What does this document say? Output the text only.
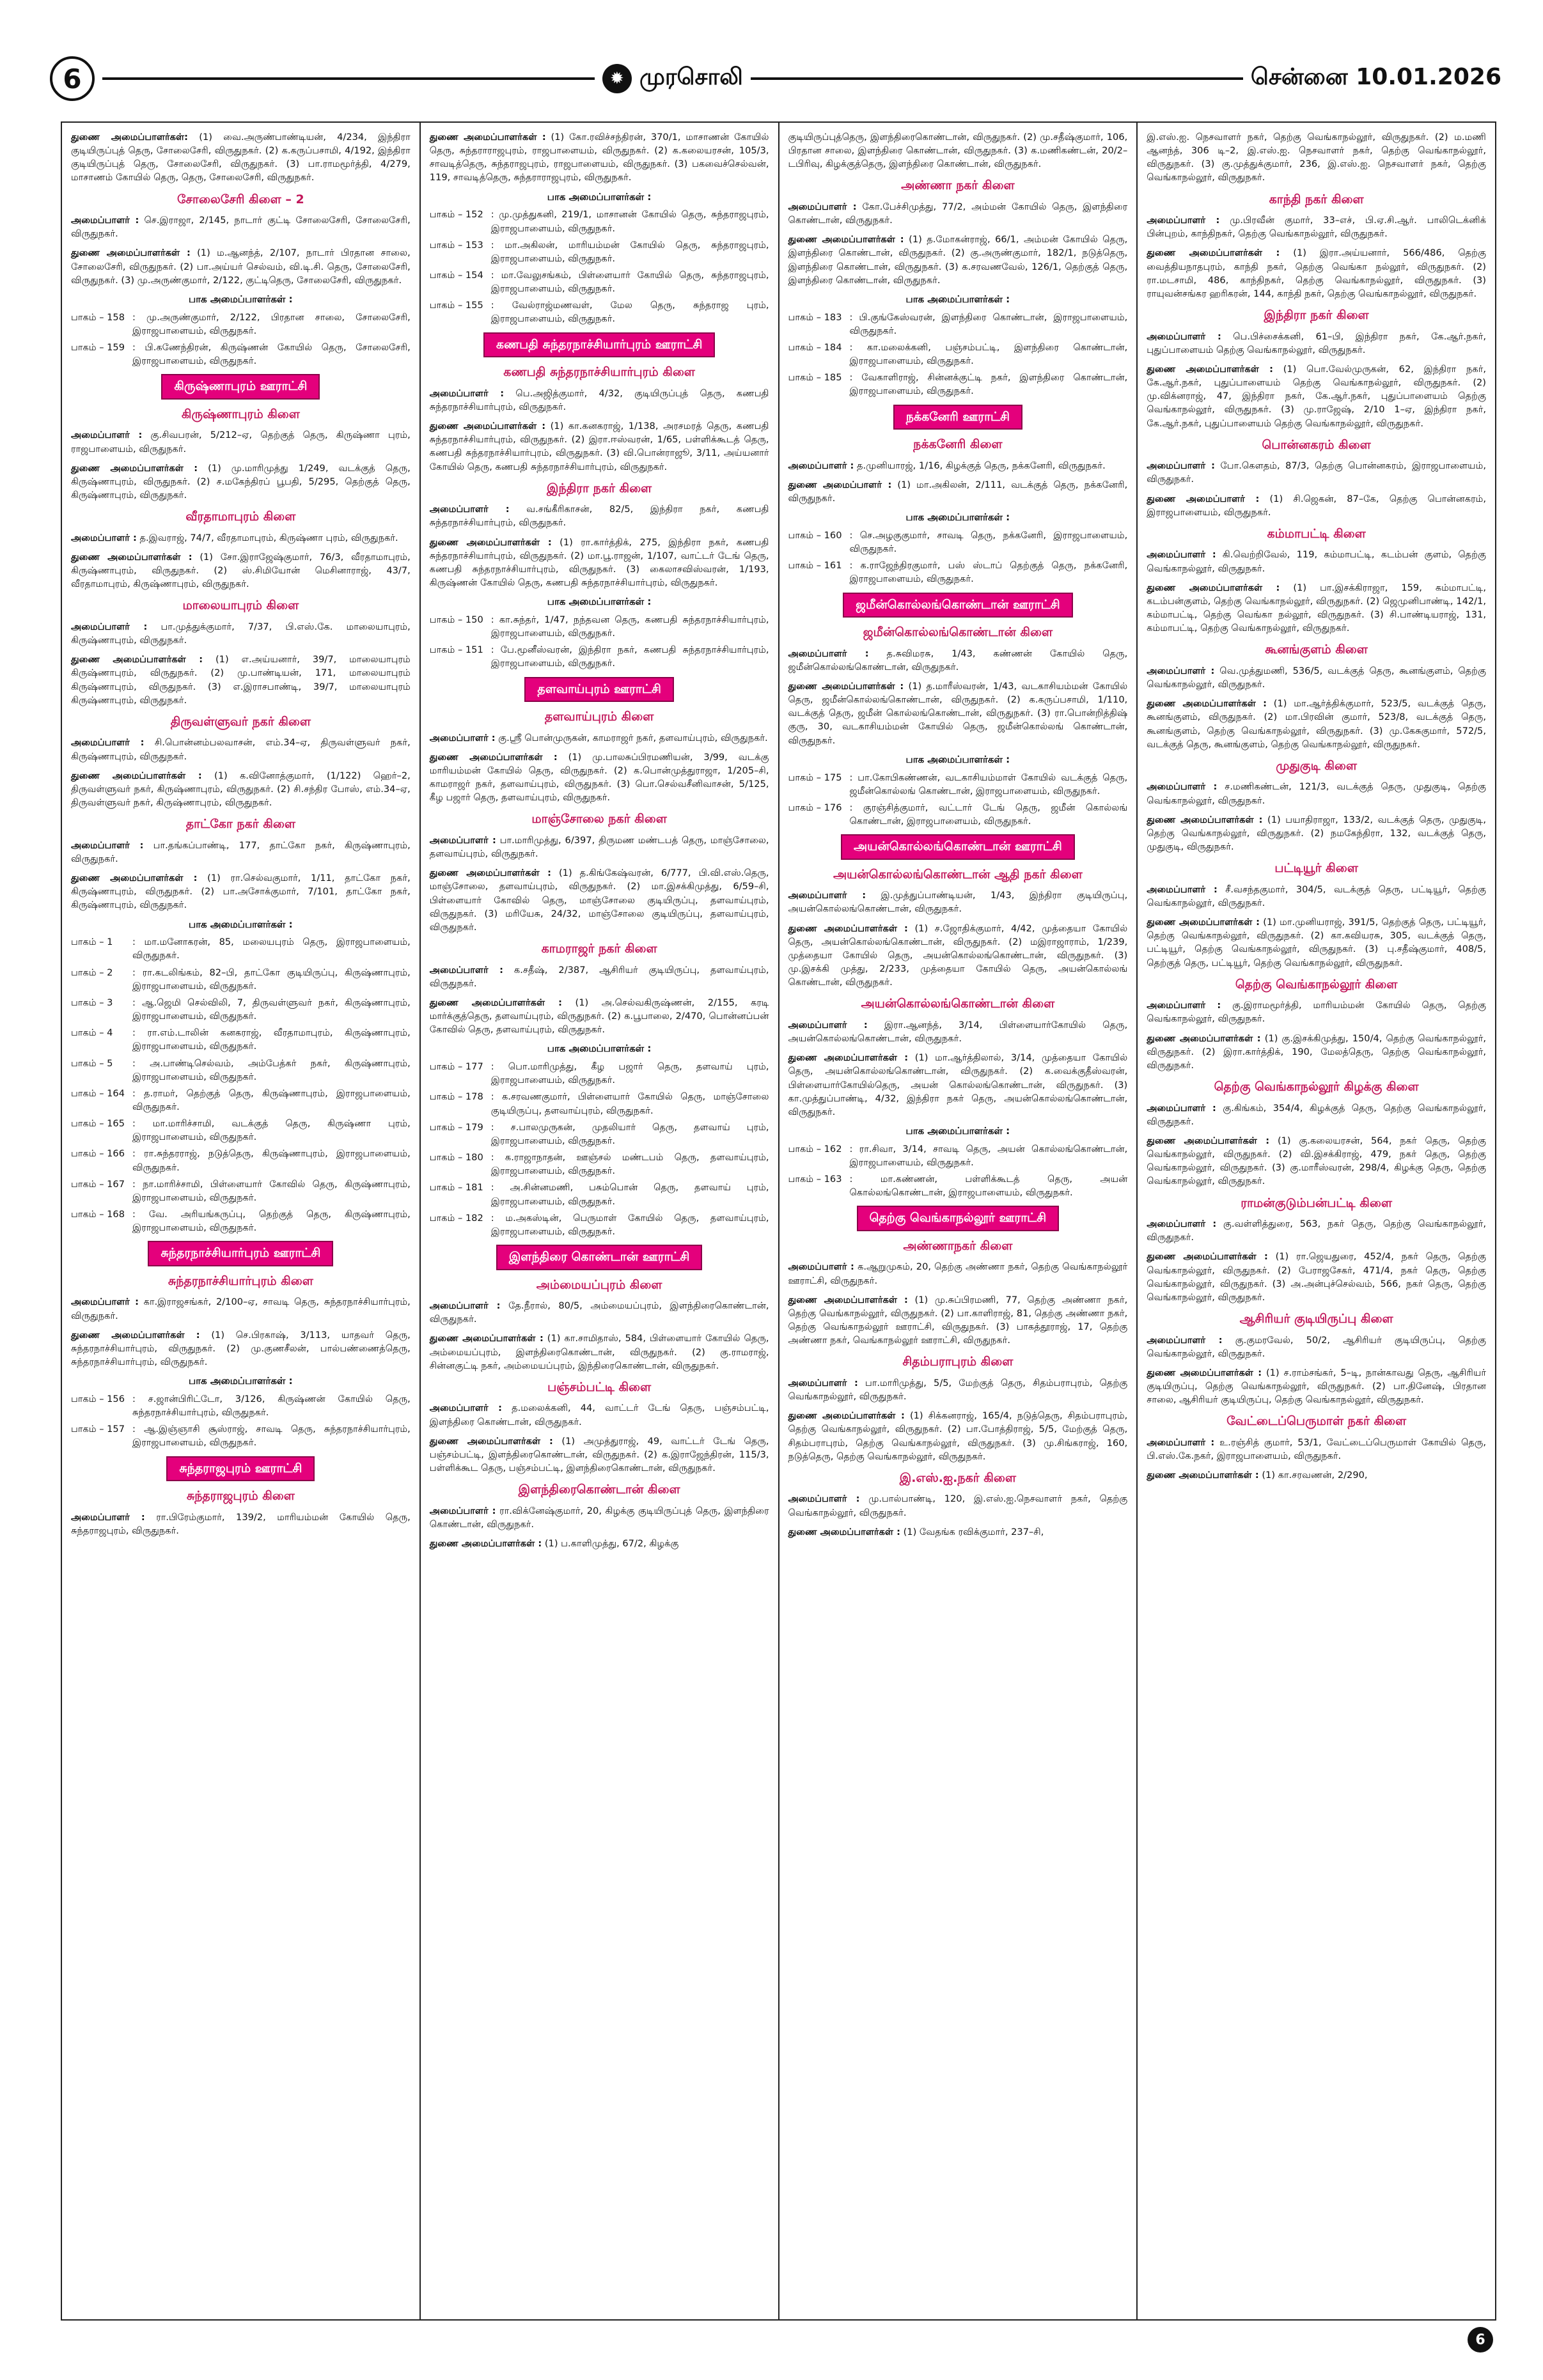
6	✹ முரசொலி	சென்னை 10.01.2026

துணை அமைப்பாளர்கள்: (1) வை.அருண்பாண்டியன், 4/234, இந்திரா குடியிருப்புத் தெரு, சோலைசேரி, விருதுநகர். (2) க.கருப்பசாமி, 4/192, இந்திரா குடியிருப்புத் தெரு, சோலைசேரி, விருதுநகர். (3) பா.ராமமூர்த்தி, 4/279, மாசாணம் கோயில் தெரு, தெரு, சோலைசேரி, விருதுநகர்.

சோலைசேரி கிளை – 2

அமைப்பாளர் : செ.இராஜா, 2/145, நாடார் குட்டி சோலைசேரி, சோலைசேரி, விருதுநகர்.

துணை அமைப்பாளர்கள் : (1) ம.ஆனந்த், 2/107, நாடார் பிரதான சாலை, சோலைசேரி, விருதுநகர். (2) பா.அய்யர் செல்வம், வி.டி.சி. தெரு, சோலைசேரி, விருதுநகர். (3) மு.அருண்குமார், 2/122, குட்டிதெரு, சோலைசேரி, விருதுநகர்.

பாக அமைப்பாளர்கள் :
பாகம் – 158 : மு.அருண்குமார், 2/122, பிரதான சாலை, சோலைசேரி, இராஜபாளையம், விருதுநகர்.
பாகம் – 159 : பி.கணேந்திரன், கிருஷ்ணன் கோயில் தெரு, சோலைசேரி, இராஜபாளையம், விருதுநகர்.
கிருஷ்ணாபுரம் ஊராட்சி
கிருஷ்ணாபுரம் கிளை

அமைப்பாளர் : கு.சிவபரன், 5/212–ஏ, தெற்குத் தெரு, கிருஷ்ணா புரம், ராஜபாளையம், விருதுநகர்.

துணை அமைப்பாளர்கள் : (1) மு.மாரிமுத்து 1/249, வடக்குத் தெரு, கிருஷ்ணாபுரம், விருதுநகர். (2) ச.மகேந்திரப் பூபதி, 5/295, தெற்குத் தெரு, கிருஷ்ணாபுரம், விருதுநகர்.

வீரதாமாபுரம் கிளை

அமைப்பாளர் : த.இவராஜ், 74/7, வீரதாமாபுரம், கிருஷ்ணா புரம், விருதுநகர்.

துணை அமைப்பாளர்கள் : (1) சோ.இராஜேஷ்குமார், 76/3, வீரதாமாபுரம், கிருஷ்ணாபுரம், விருதுநகர். (2) ஸ்.சிமியோன் மெசினாராஜ், 43/7, வீரதாமாபுரம், கிருஷ்ணாபுரம், விருதுநகர்.

மாலையாபுரம் கிளை

அமைப்பாளர் : பா.முத்துக்குமார், 7/37, பி.எஸ்.கே. மாலையாபுரம், கிருஷ்ணாபுரம், விருதுநகர்.

துணை அமைப்பாளர்கள் : (1) எ.அய்யனார், 39/7, மாலையாபுரம் கிருஷ்ணாபுரம், விருதுநகர். (2) மு.பாண்டியன், 171, மாலையாபுரம் கிருஷ்ணாபுரம், விருதுநகர். (3) எ.இராசபாண்டி, 39/7, மாலையாபுரம் கிருஷ்ணாபுரம், விருதுநகர்.

திருவள்ளுவர் நகர் கிளை

அமைப்பாளர் : சி.பொன்னம்பலவாசன், எம்.34–ஏ, திருவள்ளுவர் நகர், கிருஷ்ணாபுரம், விருதுநகர்.

துணை அமைப்பாளர்கள் : (1) க.வினோத்குமார், (1/122) ஹெர்–2, திருவள்ளுவர் நகர், கிருஷ்ணாபுரம், விருதுநகர். (2) சி.சந்திர போஸ், எம்.34–ஏ, திருவள்ளுவர் நகர், கிருஷ்ணாபுரம், விருதுநகர்.

தாட்கோ நகர் கிளை

அமைப்பாளர் : பா.தங்கப்பாண்டி, 177, தாட்கோ நகர், கிருஷ்ணாபுரம், விருதுநகர்.

துணை அமைப்பாளர்கள் : (1) ரா.செல்வகுமார், 1/11, தாட்கோ நகர், கிருஷ்ணாபுரம், விருதுநகர். (2) பா.அசோக்குமார், 7/101, தாட்கோ நகர், கிருஷ்ணாபுரம், விருதுநகர்.

பாக அமைப்பாளர்கள் :
பாகம் – 1	: மா.மனோகரன், 85, மலையபுரம் தெரு, இராஜபாளையம், விருதுநகர்.
பாகம் – 2	: ரா.கடலிங்கம், 82–பி, தாட்கோ குடியிருப்பு, கிருஷ்ணாபுரம், இராஜபாளையம், விருதுநகர்.
பாகம் – 3	: ஆ.ஜெமி செல்விலி, 7, திருவள்ளுவர் நகர், கிருஷ்ணாபுரம், இராஜபாளையம், விருதுநகர்.
பாகம் – 4	: ரா.எம்.டாலின் கனகராஜ், வீரதாமாபுரம், கிருஷ்ணாபுரம், இராஜபாளையம், விருதுநகர்.
பாகம் – 5	: அ.பாண்டிசெல்வம், அம்பேத்கர் நகர், கிருஷ்ணாபுரம், இராஜபாளையம், விருதுநகர்.
பாகம் – 164 : த.ராமர், தெற்குத் தெரு, கிருஷ்ணாபுரம், இராஜபாளையம், விருதுநகர்.
பாகம் – 165 : மா.மாரிச்சாமி, வடக்குத் தெரு, கிருஷ்ணா புரம், இராஜபாளையம், விருதுநகர்.
பாகம் – 166 : ரா.சுந்தரராஜ், நடுத்தெரு, கிருஷ்ணாபுரம், இராஜபாளையம், விருதுநகர்.
பாகம் – 167 : நா.மாரிச்சாமி, பிள்ளையார் கோவில் தெரு, கிருஷ்ணாபுரம், இராஜபாளையம், விருதுநகர்.
பாகம் – 168 : வே. அரியங்கருப்பு, தெற்குத் தெரு, கிருஷ்ணாபுரம், இராஜபாளையம், விருதுநகர்.
சுந்தரநாச்சியார்புரம் ஊராட்சி
சுந்தரநாச்சியார்புரம் கிளை

அமைப்பாளர் : கா.இராஜசங்கர், 2/100–ஏ, சாவடி தெரு, சுந்தரநாச்சியார்புரம், விருதுநகர்.

துணை அமைப்பாளர்கள் : (1) செ.பிரகாஷ், 3/113, யாதவர் தெரு, சுந்தரநாச்சியார்புரம், விருதுநகர். (2) மு.குணசீலன், பால்பண்ணைத்தெரு, சுந்தரநாச்சியார்புரம், விருதுநகர்.

பாக அமைப்பாளர்கள் :
பாகம் – 156 : ச.ஜான்பிரிட்டோ, 3/126, கிருஷ்ணன் கோயில் தெரு, சுந்தரநாச்சியார்புரம், விருதுநகர்.
பாகம் – 157 : ஆ.இஞ்ஞாசி சூஸ்ராஜ், சாவடி தெரு, சுந்தரநாச்சியார்புரம், இராஜபாளையம், விருதுநகர்.
சுந்தராஜபுரம் ஊராட்சி
சுந்தராஜபுரம் கிளை

அமைப்பாளர் : ரா.பிரேம்குமார், 139/2, மாரியம்மன் கோயில் தெரு, சுந்தராஜபுரம், விருதுநகர்.

துணை அமைப்பாளர்கள் : (1) கோ.ரவிச்சந்திரன், 370/1, மாசாணன் கோயில் தெரு, சுந்தராராஜபுரம், ராஜபாளையம், விருதுநகர். (2) க.கலையரசன், 105/3, சாவடித்தெரு, சுந்தராஜபுரம், ராஜபாளையம், விருதுநகர். (3) பகவைச்செல்வன், 119, சாவடித்தெரு, சுந்தராராஜபுரம், விருதுநகர்.

பாக அமைப்பாளர்கள் :
பாகம் – 152 : மு.முத்துகனி, 219/1, மாசானன் கோயில் தெரு, சுந்தராஜபுரம், இராஜபாளையம், விருதுநகர்.
பாகம் – 153 : மா.அகிலன், மாரியம்மன் கோயில் தெரு, சுந்தராஜபுரம், இராஜபாளையம், விருதுநகர்.
பாகம் – 154 : மா.வேலுசங்கம், பிள்ளையார் கோயில் தெரு, சுந்தராஜபுரம், இராஜபாளையம், விருதுநகர்.
பாகம் – 155 : வேல்ராஜ்மணவள், மேல தெரு, சுந்தராஜ புரம், இராஜபாளையம், விருதுநகர்.
கணபதி சுந்தரநாச்சியார்புரம் ஊராட்சி
கணபதி சுந்தரநாச்சியார்புரம் கிளை

அமைப்பாளர் : பெ.அஜித்குமார், 4/32, குடியிருப்புத் தெரு, கணபதி சுந்தரநாச்சியார்புரம், விருதுநகர்.

துணை அமைப்பாளர்கள் : (1) கா.கனகராஜ், 1/138, அரசமரத் தெரு, கணபதி சுந்தரநாச்சியார்புரம், விருதுநகர். (2) இரா.ஈஸ்வரன், 1/65, பள்ளிக்கூடத் தெரு, கணபதி சுந்தரநாச்சியார்புரம், விருதுநகர். (3) வி.பொன்ராஜூ, 3/11, அய்யனார் கோயில் தெரு, கணபதி சுந்தரநாச்சியார்புரம், விருதுநகர்.

இந்திரா நகர் கிளை

அமைப்பாளர் : வ.சங்கீரிகாசன், 82/5, இந்திரா நகர், கணபதி சுந்தரநாச்சியார்புரம், விருதுநகர்.

துணை அமைப்பாளர்கள் : (1) ரா.கார்த்திக், 275, இந்திரா நகர், கணபதி சுந்தரநாச்சியார்புரம், விருதுநகர். (2) மா.பூ.ராஜன், 1/107, வாட்டர் டேங் தெரு, கணபதி சுந்தரநாச்சியார்புரம், விருதுநகர். (3) கைலாசவிஸ்வரன், 1/193, கிருஷ்ணன் கோயில் தெரு, கணபதி சுந்தரநாச்சியார்புரம், விருதுநகர்.

பாக அமைப்பாளர்கள் :
பாகம் – 150 : கா.சுந்தர், 1/47, நந்தவன தெரு, கணபதி சுந்தரநாச்சியார்புரம், இராஜபாளையம், விருதுநகர்.
பாகம் – 151 : பே.மூனீஸ்வரன், இந்திரா நகர், கணபதி சுந்தரநாச்சியார்புரம், இராஜபாளையம், விருதுநகர்.
தளவாய்புரம் ஊராட்சி
தளவாய்புரம் கிளை

அமைப்பாளர் : கு.ஸ்ரீ பொன்முருகன், காமராஜர் நகர், தளவாய்புரம், விருதுநகர்.

துணை அமைப்பாளர்கள் : (1) மு.பாலசுப்பிரமணியன், 3/99, வடக்கு மாரியம்மன் கோயில் தெரு, விருதுநகர். (2) க.பொன்முத்துராஜா, 1/205–சி, காமராஜர் நகர், தளவாய்புரம், விருதுநகர். (3) பொ.செல்வசீனிவாசன், 5/125, கீழ பஜார் தெரு, தளவாய்புரம், விருதுநகர்.

மாஞ்சோலை நகர் கிளை

அமைப்பாளர் : பா.மாரிமுத்து, 6/397, திருமண மண்டபத் தெரு, மாஞ்சோலை, தளவாய்புரம், விருதுநகர்.

துணை அமைப்பாளர்கள் : (1) த.கிங்கேஷ்வரன், 6/777, பி.வி.எஸ்.தெரு, மாஞ்சோலை, தளவாய்புரம், விருதுநகர். (2) மா.இசக்கிமுத்து, 6/59–சி, பிள்ளையார் கோவில் தெரு, மாஞ்சோலை குடியிருப்பு, தளவாய்புரம், விருதுநகர். (3) மரியேசு, 24/32, மாஞ்சோலை குடியிருப்பு, தளவாய்புரம், விருதுநகர்.

காமராஜர் நகர் கிளை

அமைப்பாளர் : க.சதீஷ், 2/387, ஆசிரியர் குடியிருப்பு, தளவாய்புரம், விருதுநகர்.

துணை அமைப்பாளர்கள் : (1) அ.செல்வகிருஷ்ணன், 2/155, கரடி மார்க்குத்தெரு, தளவாய்புரம், விருதுநகர். (2) க.பூபாலை, 2/470, பொன்னப்பன் கோவில் தெரு, தளவாய்புரம், விருதுநகர்.

பாக அமைப்பாளர்கள் :
பாகம் – 177 : பொ.மாரிமுத்து, கீழ பஜார் தெரு, தளவாய் புரம், இராஜபாளையம், விருதுநகர்.
பாகம் – 178 : க.சரவணகுமார், பிள்ளையார் கோயில் தெரு, மாஞ்சோலை குடியிருப்பு, தளவாய்புரம், விருதுநகர்.
பாகம் – 179 : ச.பாலமுருகன், முதலியார் தெரு, தளவாய் புரம், இராஜபாளையம், விருதுநகர்.
பாகம் – 180 : க.ராஜாநாதன், ஊஞ்சல் மண்டபம் தெரு, தளவாய்புரம், இராஜபாளையம், விருதுநகர்.
பாகம் – 181 : அ.சின்னமணி, பசும்பொன் தெரு, தளவாய் புரம், இராஜபாளையம், விருதுநகர்.
பாகம் – 182 : ம.அகஸ்டின், பெருமாள் கோயில் தெரு, தளவாய்புரம், இராஜபாளையம், விருதுநகர்.
இளந்திரை கொண்டான் ஊராட்சி
அம்மையப்புரம் கிளை

அமைப்பாளர் : தே.நீரால், 80/5, அம்மையப்புரம், இளந்திரைகொண்டான், விருதுநகர்.

துணை அமைப்பாளர்கள் : (1) கா.சாமிதாஸ், 584, பிள்ளையார் கோயில் தெரு, அம்மையப்புரம், இளந்திரைகொண்டான், விருதுநகர். (2) கு.ராமராஜ், சின்னகுட்டி நகர், அம்மையப்புரம், இந்திரைகொண்டான், விருதுநகர்.

பஞ்சம்பட்டி கிளை

அமைப்பாளர் : த.மலைக்கனி, 44, வாட்டர் டேங் தெரு, பஞ்சம்பட்டி, இளந்திரை கொண்டான், விருதுநகர்.

துணை அமைப்பாளர்கள் : (1) அமுத்துராஜ், 49, வாட்டர் டேங் தெரு, பஞ்சம்பட்டி, இளந்திரைகொண்டான், விருதுநகர். (2) க.இராஜேந்திரன், 115/3, பள்ளிக்கூட தெரு, பஞ்சம்பட்டி, இளந்திரைகொண்டான், விருதுநகர்.

இளந்திரைகொண்டான் கிளை

அமைப்பாளர் : ரா.விக்னேஷ்குமார், 20, கிழக்கு குடியிருப்புத் தெரு, இளந்திரை கொண்டான், விருதுநகர்.

துணை அமைப்பாளர்கள் : (1) ப.காளிமுத்து, 67/2, கிழக்கு

குடியிருப்புத்தெரு, இளந்திரைகொண்டான், விருதுநகர். (2) மு.சதீஷ்குமார், 106, பிரதான சாலை, இளந்திரை கொண்டான், விருதுநகர். (3) க.மணிகண்டன், 20/2–டபிரிவு, கிழக்குத்தெரு, இளந்திரை கொண்டான், விருதுநகர்.

அண்ணா நகர் கிளை

அமைப்பாளர் : கோ.பேச்சிமுத்து, 77/2, அம்மன் கோயில் தெரு, இளந்திரை கொண்டான், விருதுநகர்.

துணை அமைப்பாளர்கள் : (1) த.மோகன்ராஜ், 66/1, அம்மன் கோயில் தெரு, இளந்திரை கொண்டான், விருதுநகர். (2) கு.அருண்குமார், 182/1, நடுத்தெரு, இளந்திரை கொண்டான், விருதுநகர். (3) க.சரவணவேல், 126/1, தெற்குத் தெரு, இளந்திரை கொண்டான், விருதுநகர்.

பாக அமைப்பாளர்கள் :
பாகம் – 183 : பி.குங்கேஸ்வரன், இளந்திரை கொண்டான், இராஜபாளையம், விருதுநகர்.
பாகம் – 184 : கா.மலைக்கனி, பஞ்சம்பட்டி, இளந்திரை கொண்டான், இராஜபாளையம், விருதுநகர்.
பாகம் – 185 : வேகாளிராஜ், சின்னக்குட்டி நகர், இளந்திரை கொண்டான், இராஜபாளையம், விருதுநகர்.
நக்கனேரி ஊராட்சி
நக்கனேரி கிளை

அமைப்பாளர் : த.முனியாரஜ், 1/16, கிழக்குத் தெரு, நக்கனேரி, விருதுநகர்.

துணை அமைப்பாளர் : (1) மா.அகிலன், 2/111, வடக்குத் தெரு, நக்கனேரி, விருதுநகர்.

பாக அமைப்பாளர்கள் :
பாகம் – 160 : செ.அழகுகுமார், சாவடி தெரு, நக்கனேரி, இராஜபாளையம், விருதுநகர்.
பாகம் – 161 : க.ராஜேந்திரகுமார், பஸ் ஸ்டாப் தெற்குத் தெரு, நக்கனேரி, இராஜபாளையம், விருதுநகர்.
ஜமீன்கொல்லங்கொண்டான் ஊராட்சி
ஜமீன்கொல்லங்கொண்டான் கிளை

அமைப்பாளர் : த.சுவிமரசு, 1/43, கண்ணன் கோயில் தெரு, ஜமீன்கொல்லங்கொண்டான், விருதுநகர்.

துணை அமைப்பாளர்கள் : (1) த.மாரீஸ்வரன், 1/43, வடகாசியம்மன் கோயில் தெரு, ஜமீன்கொல்லங்கொண்டான், விருதுநகர். (2) க.கருப்பசாமி, 1/110, வடக்குத் தெரு, ஜமீன் கொல்லங்கொண்டான், விருதுநகர். (3) ரா.பொன்றித்திஷ் குரு, 30, வடகாசியம்மன் கோயில் தெரு, ஜமீன்கொல்லங் கொண்டான், விருதுநகர்.

பாக அமைப்பாளர்கள் :
பாகம் – 175 : பா.கோபிகண்ணன், வடகாசியம்மாள் கோயில் வடக்குத் தெரு, ஜமீன்கொல்லங் கொண்டான், இராஜபாளையம், விருதுநகர்.
பாகம் – 176 : குரஞ்சித்குமார், வட்டார் டேங் தெரு, ஜமீன் கொல்லங் கொண்டான், இராஜபாளையம், விருதுநகர்.
அயன்கொல்லங்கொண்டான் ஊராட்சி
அயன்கொல்லங்கொண்டான் ஆதி நகர் கிளை

அமைப்பாளர் : இ.முத்துப்பாண்டியன், 1/43, இந்திரா குடியிருப்பு, அயன்கொல்லங்கொண்டான், விருதுநகர்.

துணை அமைப்பாளர்கள் : (1) ச.ஜோதிக்குமார், 4/42, முத்தையா கோயில் தெரு, அயன்கொல்லங்கொண்டான், விருதுநகர். (2) மஇராஜாராம், 1/239, முத்தையா கோயில் தெரு, அயன்கொல்லங்கொண்டான், விருதுநகர். (3) மு.இசக்கி முத்து, 2/233, முத்தையா கோயில் தெரு, அயன்கொல்லங் கொண்டான், விருதுநகர்.

அயன்கொல்லங்கொண்டான் கிளை

அமைப்பாளர் : இரா.ஆனந்த், 3/14, பிள்ளையார்கோயில் தெரு, அயன்கொல்லங்கொண்டான், விருதுநகர்.

துணை அமைப்பாளர்கள் : (1) மா.ஆர்த்திலால், 3/14, முத்தையா கோயில் தெரு, அயன்கொல்லங்கொண்டான், விருதுநகர். (2) க.வைக்குதீஸ்வரன், பிள்ளையார்கோயில்தெரு, அயன் கொல்லங்கொண்டான், விருதுநகர். (3) கா.முத்துப்பாண்டி, 4/32, இந்திரா நகர் தெரு, அயன்கொல்லங்கொண்டான், விருதுநகர்.

பாக அமைப்பாளர்கள் :
பாகம் – 162 : ரா.சிவா, 3/14, சாவடி தெரு, அயன் கொல்லங்கொண்டான், இராஜபாளையம், விருதுநகர்.
பாகம் – 163 : மா.கண்ணன், பள்ளிக்கூடத் தெரு, அயன் கொல்லங்கொண்டான், இராஜபாளையம், விருதுநகர்.
தெற்கு வெங்காநல்லூர் ஊராட்சி
அண்ணாநகர் கிளை

அமைப்பாளர் : க.ஆறுமுகம், 20, தெற்கு அண்ணா நகர், தெற்கு வெங்காநல்லூர் ஊராட்சி, விருதுநகர்.

துணை அமைப்பாளர்கள் : (1) மு.சுப்பிரமணி, 77, தெற்கு அண்ணா நகர், தெற்கு வெங்காநல்லூர், விருதுநகர். (2) பா.காளிராஜ், 81, தெற்கு அண்ணா நகர், தெற்கு வெங்காநல்லூர் ஊராட்சி, விருதுநகர். (3) பாகத்தூராஜ், 17, தெற்கு அண்ணா நகர், வெங்காநல்லூர் ஊராட்சி, விருதுநகர்.

சிதம்பராபுரம் கிளை

அமைப்பாளர் : பா.மாரிமுத்து, 5/5, மேற்குத் தெரு, சிதம்பராபுரம், தெற்கு வெங்காநல்லூர், விருதுநகர்.

துணை அமைப்பாளர்கள் : (1) சிக்கனராஜ், 165/4, நடுத்தெரு, சிதம்பராபுரம், தெற்கு வெங்காநல்லூர், விருதுநகர். (2) பா.போத்திராஜ், 5/5, மேற்குத் தெரு, சிதம்பராபுரம், தெற்கு வெங்காநல்லூர், விருதுநகர். (3) மு.சிங்கராஜ், 160, நடுத்தெரு, தெற்கு வெங்காநல்லூர், விருதுநகர்.

இ.எஸ்.ஐ.நகர் கிளை

அமைப்பாளர் : மு.பால்பாண்டி, 120, இ.எஸ்.ஐ.நெசவாளர் நகர், தெற்கு வெங்காநல்லூர், விருதுநகர்.

துணை அமைப்பாளர்கள் : (1) வேதங்க ரவிக்குமார், 237–சி,

இ.எஸ்.ஐ. நெசவாளர் நகர், தெற்கு வெங்காநல்லூர், விருதுநகர். (2) ம.மணி ஆனந்த், 306 டி–2, இ.எஸ்.ஐ. நெசவாளர் நகர், தெற்கு வெங்காநல்லூர், விருதுநகர். (3) கு.முத்துக்குமார், 236, இ.எஸ்.ஐ. நெசவாளர் நகர், தெற்கு வெங்காநல்லூர், விருதுநகர்.

காந்தி நகர் கிளை

அமைப்பாளர் : மு.பிரவீன் குமார், 33–எச், பி.ஏ.சி.ஆர். பாலிடெக்னிக் பின்புறம், காந்திநகர், தெற்கு வெங்காநல்லூர், விருதுநகர்.

துணை அமைப்பாளர்கள் : (1) இரா.அய்யனார், 566/486, தெற்கு வைத்தியநாதபுரம், காந்தி நகர், தெற்கு வெங்கா நல்லூர், விருதுநகர். (2) ரா.மடசாமி, 486, காந்திநகர், தெற்கு வெங்காநல்லூர், விருதுநகர். (3) ராயுவன்சங்கர ஹரிகரன், 144, காந்தி நகர், தெற்கு வெங்காநல்லூர், விருதுநகர்.

இந்திரா நகர் கிளை

அமைப்பாளர் : பெ.பிச்சைக்கனி, 61–பி, இந்திரா நகர், கே.ஆர்.நகர், புதுப்பாளையம் தெற்கு வெங்காநல்லூர், விருதுநகர்.

துணை அமைப்பாளர்கள் : (1) பொ.வேல்முருகன், 62, இந்திரா நகர், கே.ஆர்.நகர், புதுப்பாளையம் தெற்கு வெங்காநல்லூர், விருதுநகர். (2) மு.விக்னராஜ், 47, இந்திரா நகர், கே.ஆர்.நகர், புதுப்பாளையம் தெற்கு வெங்காநல்லூர், விருதுநகர். (3) மு.ராஜேஷ், 2/10 1–ஏ, இந்திரா நகர், கே.ஆர்.நகர், புதுப்பாளையம் தெற்கு வெங்காநல்லூர், விருதுநகர்.

பொன்னகரம் கிளை

அமைப்பாளர் : போ.கௌதம், 87/3, தெற்கு பொன்னகரம், இராஜபாளையம், விருதுநகர்.

துணை அமைப்பாளர் : (1) சி.ஜெகன், 87–கே, தெற்கு பொன்னகரம், இராஜபாளையம், விருதுநகர்.

கம்மாபட்டி கிளை

அமைப்பாளர் : கி.வெற்றிவேல், 119, கம்மாபட்டி, கடம்பன் குளம், தெற்கு வெங்காநல்லூர், விருதுநகர்.

துணை அமைப்பாளர்கள் : (1) பா.இசக்கிராஜா, 159, கம்மாபட்டி, கடம்பன்குளம், தெற்கு வெங்காநல்லூர், விருதுநகர். (2) ஜெமுனிபாண்டி, 142/1, கம்மாபட்டி, தெற்கு வெங்கா நல்லூர், விருதுநகர். (3) சி.பாண்டியராஜ், 131, கம்மாபட்டி, தெற்கு வெங்காநல்லூர், விருதுநகர்.

கூனங்குளம் கிளை

அமைப்பாளர் : வெ.முத்துமணி, 536/5, வடக்குத் தெரு, கூனங்குளம், தெற்கு வெங்காநல்லூர், விருதுநகர்.

துணை அமைப்பாளர்கள் : (1) மா.ஆர்த்திக்குமார், 523/5, வடக்குத் தெரு, கூனங்குளம், விருதுநகர். (2) மா.பிரவின் குமார், 523/8, வடக்குத் தெரு, கூனங்குளம், தெற்கு வெங்காநல்லூர், விருதுநகர். (3) மு.கேசுகுமார், 572/5, வடக்குத் தெரு, கூனங்குளம், தெற்கு வெங்காநல்லூர், விருதுநகர்.

முதுகுடி கிளை

அமைப்பாளர் : ச.மணிகண்டன், 121/3, வடக்குத் தெரு, முதுகுடி, தெற்கு வெங்காநல்லூர், விருதுநகர்.

துணை அமைப்பாளர்கள் : (1) பயாதிராஜா, 133/2, வடக்குத் தெரு, முதுகுடி, தெற்கு வெங்காநல்லூர், விருதுநகர். (2) நமகேந்திரா, 132, வடக்குத் தெரு, முதுகுடி, விருதுநகர்.

பட்டியூர் கிளை

அமைப்பாளர் : சீ.வசந்தகுமார், 304/5, வடக்குத் தெரு, பட்டியூர், தெற்கு வெங்காநல்லூர், விருதுநகர்.

துணை அமைப்பாளர்கள் : (1) மா.முனியராஜ், 391/5, தெற்குத் தெரு, பட்டியூர், தெற்கு வெங்காநல்லூர், விருதுநகர். (2) கா.கவியரசு, 305, வடக்குத் தெரு, பட்டியூர், தெற்கு வெங்காநல்லூர், விருதுநகர். (3) பு.சதீஷ்குமார், 408/5, தெற்குத் தெரு, பட்டியூர், தெற்கு வெங்காநல்லூர், விருதுநகர்.

தெற்கு வெங்காநல்லூர் கிளை

அமைப்பாளர் : கு.இராமமூர்த்தி, மாரியம்மன் கோயில் தெரு, தெற்கு வெங்காநல்லூர், விருதுநகர்.

துணை அமைப்பாளர்கள் : (1) கு.இசக்கிமுத்து, 150/4, தெற்கு வெங்காநல்லூர், விருதுநகர். (2) இரா.கார்த்திக், 190, மேலத்தெரு, தெற்கு வெங்காநல்லூர், விருதுநகர்.

தெற்கு வெங்காநல்லூர் கிழக்கு கிளை

அமைப்பாளர் : கு.கிங்கம், 354/4, கிழக்குத் தெரு, தெற்கு வெங்காநல்லூர், விருதுநகர்.

துணை அமைப்பாளர்கள் : (1) கு.கலையரசன், 564, நகர் தெரு, தெற்கு வெங்காநல்லூர், விருதுநகர். (2) வி.இசக்கிராஜ், 479, நகர் தெரு, தெற்கு வெங்காநல்லூர், விருதுநகர். (3) கு.மாரீஸ்வரன், 298/4, கிழக்கு தெரு, தெற்கு வெங்காநல்லூர், விருதுநகர்.

ராமன்குடும்பன்பட்டி கிளை

அமைப்பாளர் : கு.வள்ளித்துரை, 563, நகர் தெரு, தெற்கு வெங்காநல்லூர், விருதுநகர்.

துணை அமைப்பாளர்கள் : (1) ரா.ஜெயதுரை, 452/4, நகர் தெரு, தெற்கு வெங்காநல்லூர், விருதுநகர். (2) பேராஜசேகர், 471/4, நகர் தெரு, தெற்கு வெங்காநல்லூர், விருதுநகர். (3) அ.அன்புச்செல்வம், 566, நகர் தெரு, தெற்கு வெங்காநல்லூர், விருதுநகர்.

ஆசிரியர் குடியிருப்பு கிளை

அமைப்பாளர் : கு.குமரவேல், 50/2, ஆசிரியர் குடியிருப்பு, தெற்கு வெங்காநல்லூர், விருதுநகர்.

துணை அமைப்பாளர்கள் : (1) ச.ராம்சங்கர், 5–டி, நான்காவது தெரு, ஆசிரியர் குடியிருப்பு, தெற்கு வெங்காநல்லூர், விருதுநகர். (2) பா.தினேஷ், பிரதான சாலை, ஆசிரியர் குடியிருப்பு, தெற்கு வெங்காநல்லூர், விருதுநகர்.

வேட்டைப்பெருமாள் நகர் கிளை

அமைப்பாளர் : உ.ரஞ்சித் குமார், 53/1, வேட்டைப்பெருமாள் கோயில் தெரு, பி.எஸ்.கே.நகர், இராஜபாளையம், விருதுநகர்.

துணை அமைப்பாளர்கள் : (1) கா.சரவணன், 2/290,

6
